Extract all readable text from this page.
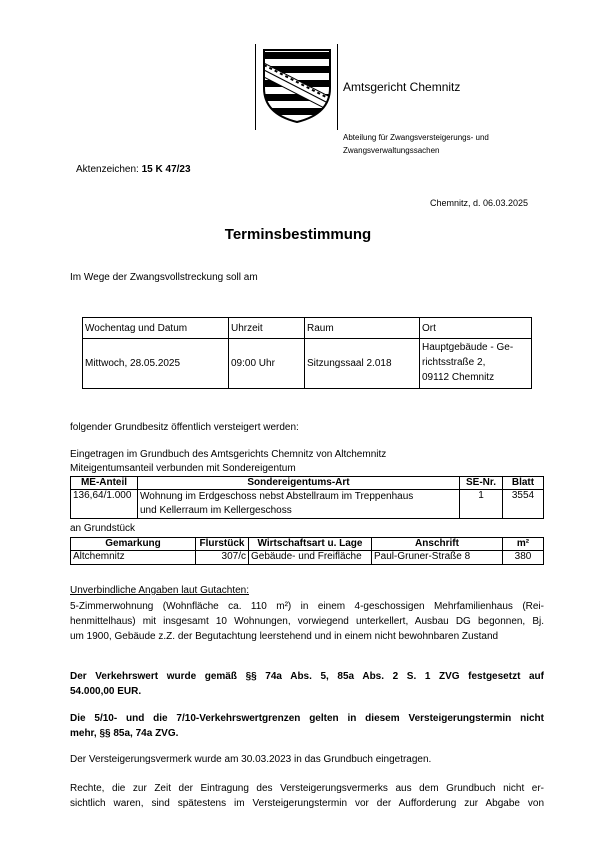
Amtsgericht Chemnitz
Abteilung für Zwangsversteigerungs- und
Zwangsverwaltungssachen
Aktenzeichen: 15 K 47/23
Chemnitz, d. 06.03.2025
Terminsbestimmung
Im Wege der Zwangsvollstreckung soll am
Wochentag und Datum	Uhrzeit	Raum	Ort
Mittwoch, 28.05.2025	09:00 Uhr	Sitzungssaal 2.018	Hauptgebäude - Ge-
richtsstraße 2,
09112 Chemnitz
folgender Grundbesitz öffentlich versteigert werden:
Eingetragen im Grundbuch des Amtsgerichts Chemnitz von Altchemnitz
Miteigentumsanteil verbunden mit Sondereigentum
ME-Anteil	Sondereigentums-Art	SE-Nr.	Blatt
136,64/1.000	Wohnung im Erdgeschoss nebst Abstellraum im Treppenhaus
und Kellerraum im Kellergeschoss	1	3554
an Grundstück
Gemarkung	Flurstück	Wirtschaftsart u. Lage	Anschrift	m²
Altchemnitz	307/c	Gebäude- und Freifläche	Paul-Gruner-Straße 8	380
Unverbindliche Angaben laut Gutachten:
5-Zimmerwohnung (Wohnfläche ca. 110 m²) in einem 4-geschossigen Mehrfamilienhaus (Rei-
henmittelhaus) mit insgesamt 10 Wohnungen, vorwiegend unterkellert, Ausbau DG begonnen, Bj.
um 1900, Gebäude z.Z. der Begutachtung leerstehend und in einem nicht bewohnbaren Zustand
Der Verkehrswert wurde gemäß §§ 74a Abs. 5, 85a Abs. 2 S. 1 ZVG festgesetzt auf
54.000,00 EUR.
Die 5/10- und die 7/10-Verkehrswertgrenzen gelten in diesem Versteigerungstermin nicht
mehr, §§ 85a, 74a ZVG.
Der Versteigerungsvermerk wurde am 30.03.2023 in das Grundbuch eingetragen.
Rechte, die zur Zeit der Eintragung des Versteigerungsvermerks aus dem Grundbuch nicht er-
sichtlich waren, sind spätestens im Versteigerungstermin vor der Aufforderung zur Abgabe von
